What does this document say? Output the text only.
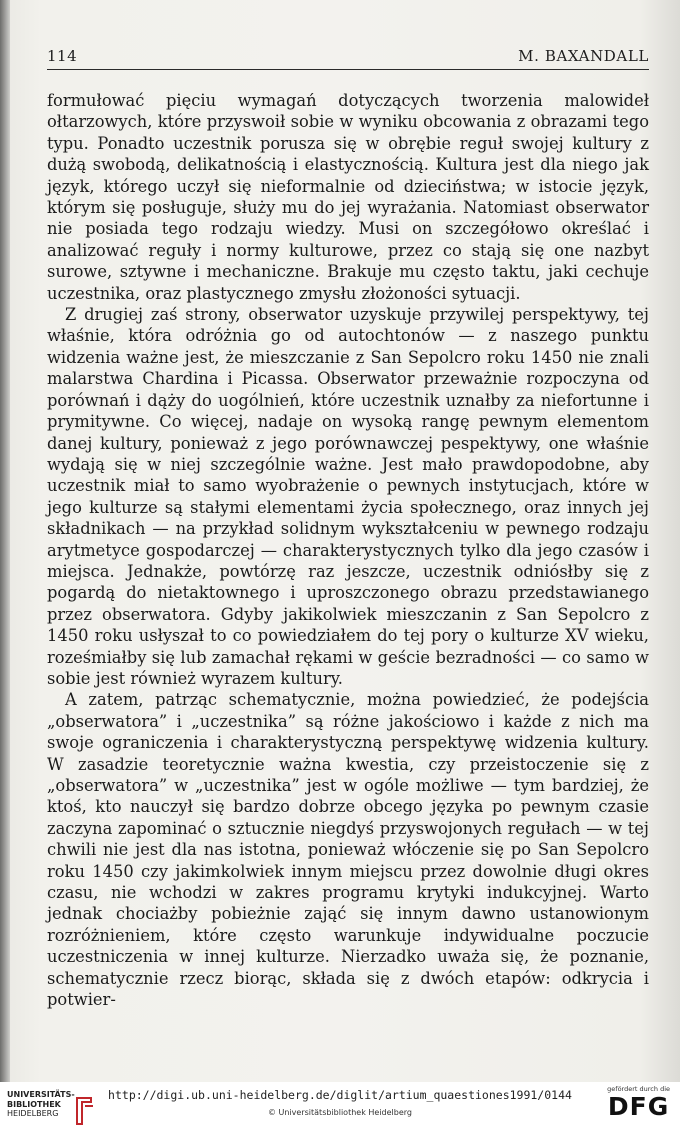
114	M. BAXANDALL

formułować pięciu wymagań dotyczących tworzenia malowideł ołtarzowych, które przyswoił sobie w wyniku obcowania z obrazami tego typu. Ponadto uczestnik porusza się w obrębie reguł swojej kultury z dużą swobodą, delikatnością i elastycznością. Kultura jest dla niego jak język, którego uczył się nieformalnie od dzieciństwa; w istocie język, którym się posługuje, służy mu do jej wyrażania. Natomiast obserwator nie posiada tego rodzaju wiedzy. Musi on szczegółowo określać i analizować reguły i normy kulturowe, przez co stają się one nazbyt surowe, sztywne i mechaniczne. Brakuje mu często taktu, jaki cechuje uczestnika, oraz plastycznego zmysłu złożoności sytuacji.

Z drugiej zaś strony, obserwator uzyskuje przywilej perspektywy, tej właśnie, która odróżnia go od autochtonów — z naszego punktu widzenia ważne jest, że mieszczanie z San Sepolcro roku 1450 nie znali malarstwa Chardina i Picassa. Obserwator przeważnie rozpoczyna od porównań i dąży do uogólnień, które uczestnik uznałby za niefortunne i prymitywne. Co więcej, nadaje on wysoką rangę pewnym elementom danej kultury, ponieważ z jego porównawczej pespektywy, one właśnie wydają się w niej szczególnie ważne. Jest mało prawdopodobne, aby uczestnik miał to samo wyobrażenie o pewnych instytucjach, które w jego kulturze są stałymi elementami życia społecznego, oraz innych jej składnikach — na przykład solidnym wykształceniu w pewnego rodzaju arytmetyce gospodarczej — charakterystycznych tylko dla jego czasów i miejsca. Jednakże, powtórzę raz jeszcze, uczestnik odniósłby się z pogardą do nietaktownego i uproszczonego obrazu przedstawianego przez obserwatora. Gdyby jakikolwiek mieszczanin z San Sepolcro z 1450 roku usłyszał to co powiedziałem do tej pory o kulturze XV wieku, roześmiałby się lub zamachał rękami w geście bezradności — co samo w sobie jest również wyrazem kultury.

A zatem, patrząc schematycznie, można powiedzieć, że podejścia „obserwatora” i „uczestnika” są różne jakościowo i każde z nich ma swoje ograniczenia i charakterystyczną perspektywę widzenia kultury. W zasadzie teoretycznie ważna kwestia, czy przeistoczenie się z „obserwatora” w „uczestnika” jest w ogóle możliwe — tym bardziej, że ktoś, kto nauczył się bardzo dobrze obcego języka po pewnym czasie zaczyna zapominać o sztucznie niegdyś przyswojonych regułach — w tej chwili nie jest dla nas istotna, ponieważ włóczenie się po San Sepolcro roku 1450 czy jakimkolwiek innym miejscu przez dowolnie długi okres czasu, nie wchodzi w zakres programu krytyki indukcyjnej. Warto jednak chociażby pobieżnie zająć się innym dawno ustanowionym rozróżnieniem, które często warunkuje indywidualne poczucie uczestniczenia w innej kulturze. Nierzadko uważa się, że poznanie, schematycznie rzecz biorąc, składa się z dwóch etapów: odkrycia i potwier-

UNIVERSITÄTS-
BIBLIOTHEK
HEIDELBERG
http://digi.ub.uni-heidelberg.de/diglit/artium_quaestiones1991/0144
© Universitätsbibliothek Heidelberg
gefördert durch die
DFG
